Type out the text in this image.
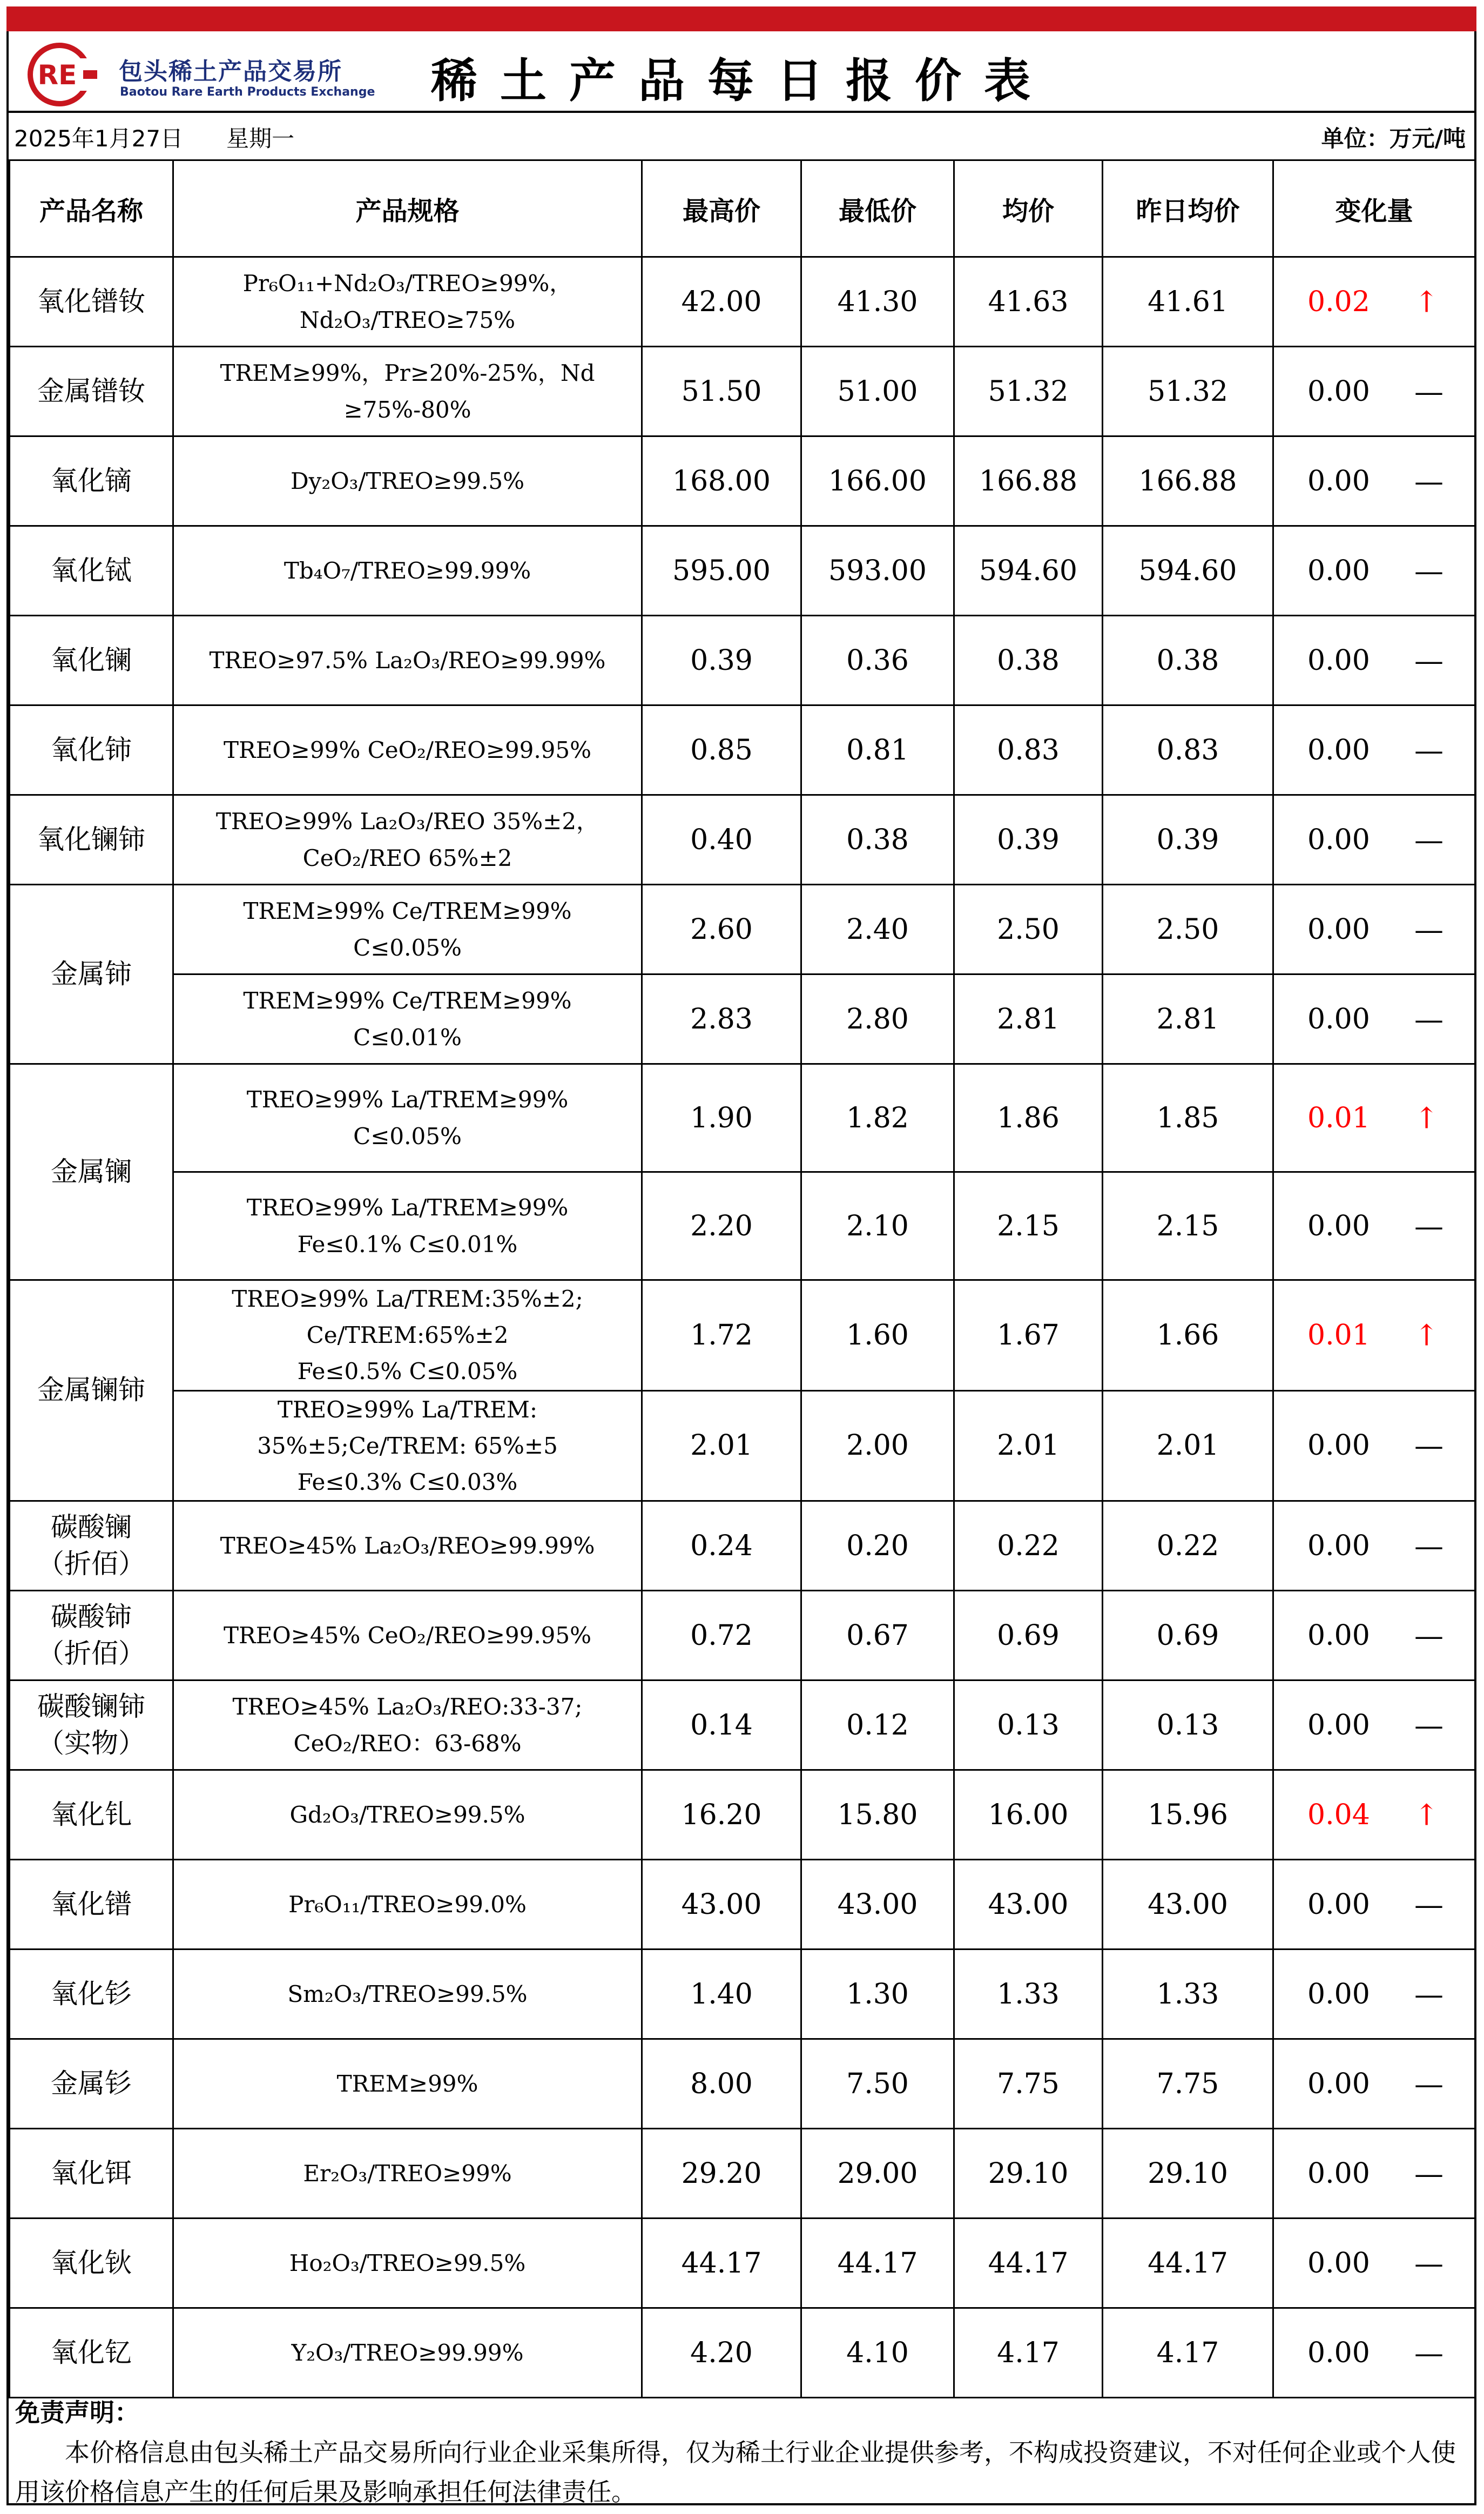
RE 包头稀土产品交易所
Baotou Rare Earth Products Exchange	稀土产品每日报价表
2025年1月27日 星期一	单位：万元/吨
产品名称	产品规格	最高价	最低价	均价	昨日均价	变化量
氧化镨钕	Pr₆O₁₁+Nd₂O₃/TREO≥99%，
Nd₂O₃/TREO≥75%	42.00	41.30	41.63	41.61	0.02 ↑

金属镨钕	TREM≥99%，Pr≥20%-25%，Nd
≥75%-80%	51.50	51.00	51.32	51.32	0.00 —

氧化镝	Dy₂O₃/TREO≥99.5%	168.00	166.00	166.88	166.88	0.00 —

氧化铽	Tb₄O₇/TREO≥99.99%	595.00	593.00	594.60	594.60	0.00 —

氧化镧	TREO≥97.5% La₂O₃/REO≥99.99%	0.39	0.36	0.38	0.38	0.00 —

氧化铈	TREO≥99% CeO₂/REO≥99.95%	0.85	0.81	0.83	0.83	0.00 —

氧化镧铈	TREO≥99% La₂O₃/REO 35%±2，
CeO₂/REO 65%±2	0.40	0.38	0.39	0.39	0.00 —

金属铈	TREM≥99% Ce/TREM≥99%
C≤0.05%	2.60	2.40	2.50	2.50	0.00 —

	TREM≥99% Ce/TREM≥99%
C≤0.01%	2.83	2.80	2.81	2.81	0.00 —

金属镧	TREO≥99% La/TREM≥99%
C≤0.05%	1.90	1.82	1.86	1.85	0.01 ↑

	TREO≥99% La/TREM≥99%
Fe≤0.1% C≤0.01%	2.20	2.10	2.15	2.15	0.00 —

金属镧铈	TREO≥99% La/TREM:35%±2;
Ce/TREM:65%±2
Fe≤0.5% C≤0.05%	1.72	1.60	1.67	1.66	0.01 ↑

	TREO≥99% La/TREM:
35%±5;Ce/TREM: 65%±5
Fe≤0.3% C≤0.03%	2.01	2.00	2.01	2.01	0.00 —

碳酸镧
（折佰）	TREO≥45% La₂O₃/REO≥99.99%	0.24	0.20	0.22	0.22	0.00 —

碳酸铈
（折佰）	TREO≥45% CeO₂/REO≥99.95%	0.72	0.67	0.69	0.69	0.00 —

碳酸镧铈
（实物）	TREO≥45% La₂O₃/REO:33-37;
CeO₂/REO：63-68%	0.14	0.12	0.13	0.13	0.00 —

氧化钆	Gd₂O₃/TREO≥99.5%	16.20	15.80	16.00	15.96	0.04 ↑

氧化镨	Pr₆O₁₁/TREO≥99.0%	43.00	43.00	43.00	43.00	0.00 —

氧化钐	Sm₂O₃/TREO≥99.5%	1.40	1.30	1.33	1.33	0.00 —

金属钐	TREM≥99%	8.00	7.50	7.75	7.75	0.00 —

氧化铒	Er₂O₃/TREO≥99%	29.20	29.00	29.10	29.10	0.00 —

氧化钬	Ho₂O₃/TREO≥99.5%	44.17	44.17	44.17	44.17	0.00 —

氧化钇	Y₂O₃/TREO≥99.99%	4.20	4.10	4.17	4.17	0.00 —
免责声明：
本价格信息由包头稀土产品交易所向行业企业采集所得，仅为稀土行业企业提供参考，不构成投资建议，不对任何企业或个人使用该价格信息产生的任何后果及影响承担任何法律责任。
